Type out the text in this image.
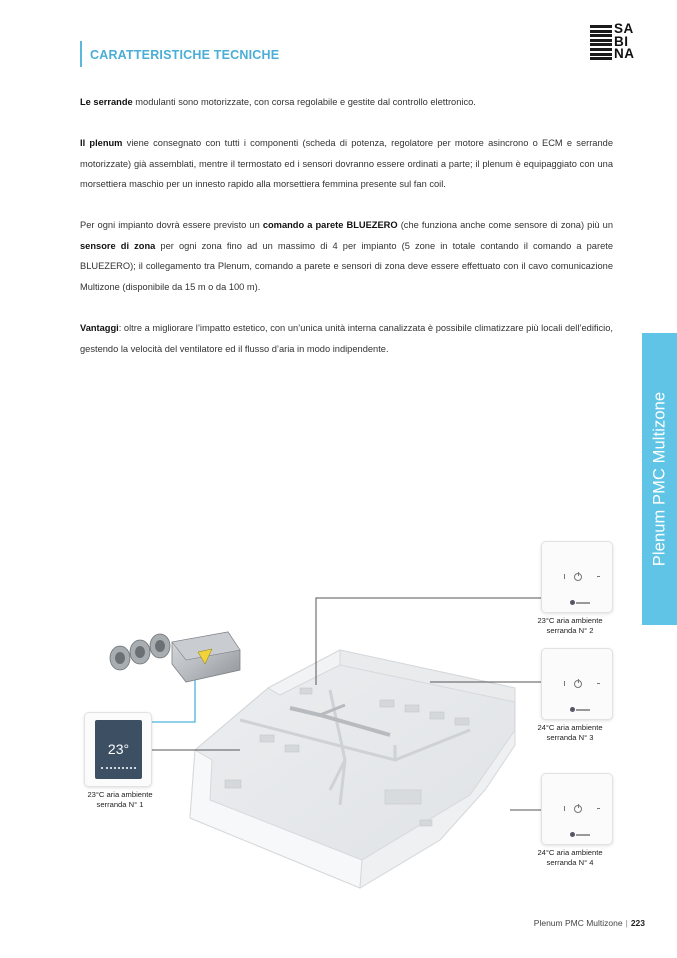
CARATTERISTICHE TECNICHE
SA
BI
NA

Le serrande modulanti sono motorizzate, con corsa regolabile e gestite dal controllo elettronico.

Il plenum viene consegnato con tutti i componenti (scheda di potenza, regolatore per motore asincrono o ECM e serrande motorizzate) già assemblati, mentre il termostato ed i sensori dovranno essere ordinati a parte; il plenum è equipaggiato con una morsettiera maschio per un innesto rapido alla morsettiera femmina presente sul fan coil.

Per ogni impianto dovrà essere previsto un comando a parete BLUEZERO (che funziona anche come sensore di zona) più un sensore di zona per ogni zona fino ad un massimo di 4 per impianto (5 zone in totale contando il comando a parete BLUEZERO); il collegamento tra Plenum, comando a parete e sensori di zona deve essere effettuato con il cavo comunicazione Multizone (disponibile da 15 m o da 100 m).

Vantaggi: oltre a migliorare l’impatto estetico, con un’unica unità interna canalizzata è possibile climatizzare più locali dell’edificio, gestendo la velocità del ventilatore ed il flusso d’aria in modo indipendente.

Plenum PMC Multizone
23°
23°C aria ambiente
serranda N° 1
23°C aria ambiente
serranda N° 2
24°C aria ambiente
serranda N° 3
24°C aria ambiente
serranda N° 4
Plenum PMC Multizone | 223
